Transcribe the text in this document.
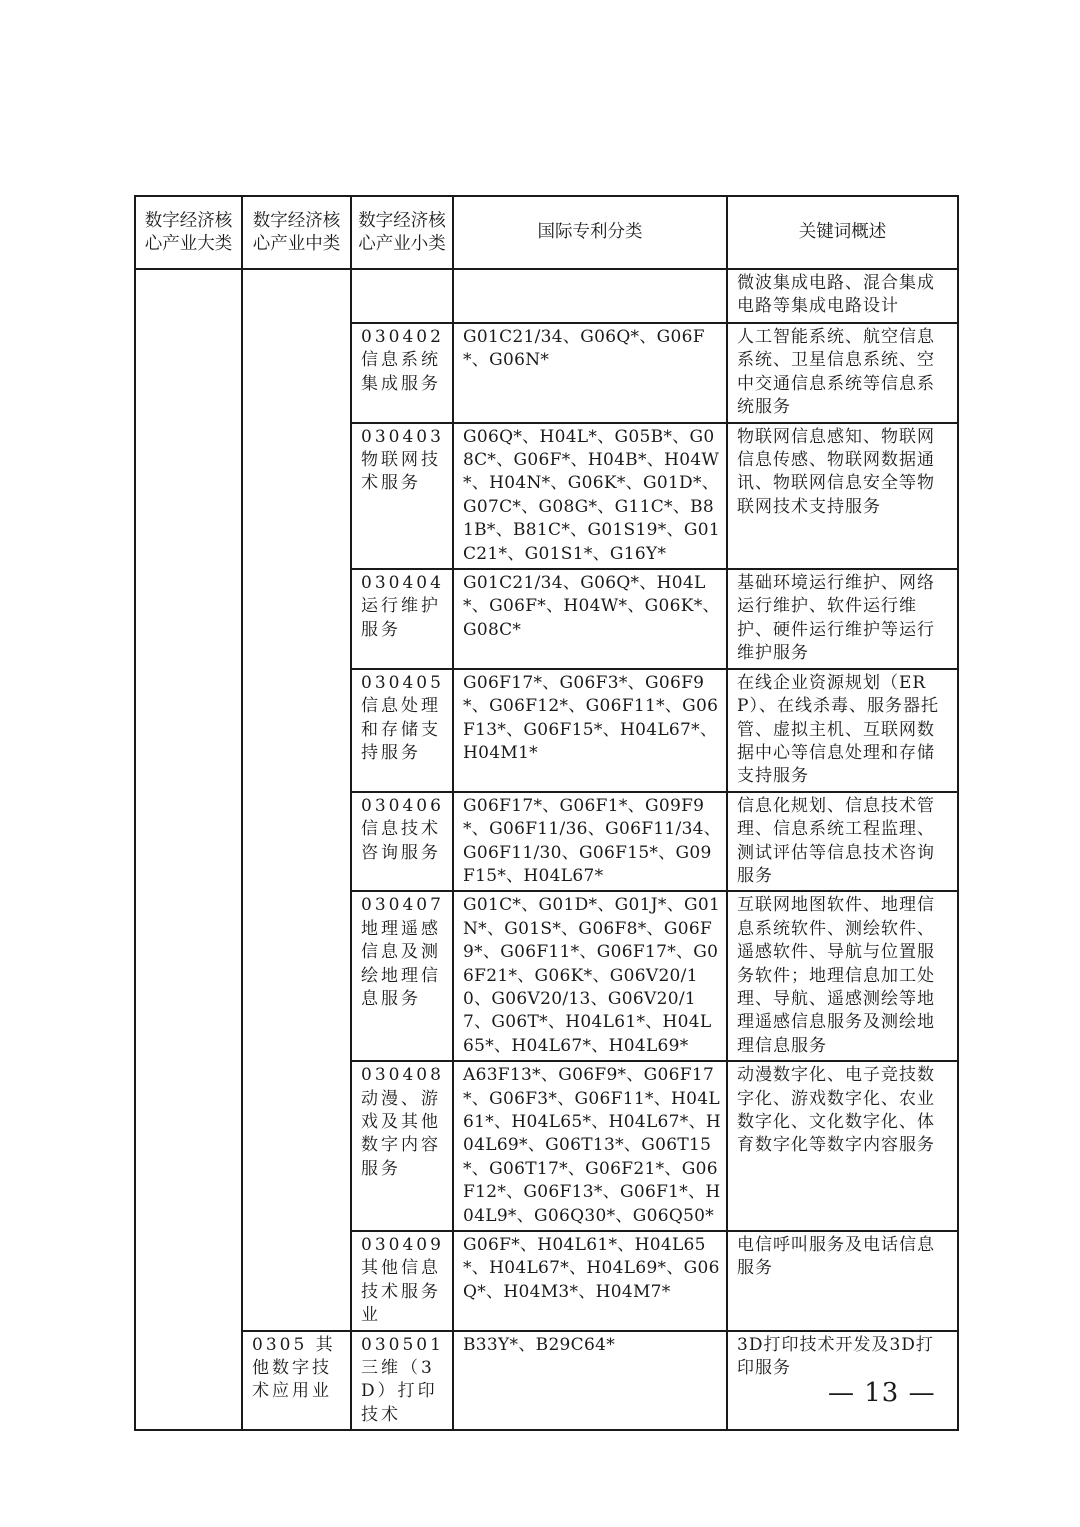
数字经济核心产业大类	数字经济核心产业中类	数字经济核心产业小类	国际专利分类	关键词概述
				微波集成电路、混合集成电路等集成电路设计
		030402 信息系统集成服务	G01C21/34、G06Q*、G06F*、G06N*	人工智能系统、航空信息系统、卫星信息系统、空中交通信息系统等信息系统服务
		030403 物联网技术服务	G06Q*、H04L*、G05B*、G08C*、G06F*、H04B*、H04W*、H04N*、G06K*、G01D*、G07C*、G08G*、G11C*、B81B*、B81C*、G01S19*、G01C21*、G01S1*、G16Y*	物联网信息感知、物联网信息传感、物联网数据通讯、物联网信息安全等物联网技术支持服务
		030404 运行维护服务	G01C21/34、G06Q*、H04L*、G06F*、H04W*、G06K*、G08C*	基础环境运行维护、网络运行维护、软件运行维护、硬件运行维护等运行维护服务
		030405 信息处理和存储支持服务	G06F17*、G06F3*、G06F9*、G06F12*、G06F11*、G06F13*、G06F15*、H04L67*、H04M1*	在线企业资源规划（ERP）、在线杀毒、服务器托管、虚拟主机、互联网数据中心等信息处理和存储支持服务
		030406 信息技术咨询服务	G06F17*、G06F1*、G09F9*、G06F11/36、G06F11/34、G06F11/30、G06F15*、G09F15*、H04L67*	信息化规划、信息技术管理、信息系统工程监理、测试评估等信息技术咨询服务
		030407 地理遥感信息及测绘地理信息服务	G01C*、G01D*、G01J*、G01N*、G01S*、G06F8*、G06F9*、G06F11*、G06F17*、G06F21*、G06K*、G06V20/10、G06V20/13、G06V20/17、G06T*、H04L61*、H04L65*、H04L67*、H04L69*	互联网地图软件、地理信息系统软件、测绘软件、遥感软件、导航与位置服务软件；地理信息加工处理、导航、遥感测绘等地理遥感信息服务及测绘地理信息服务
		030408 动漫、游戏及其他数字内容服务	A63F13*、G06F9*、G06F17*、G06F3*、G06F11*、H04L61*、H04L65*、H04L67*、H04L69*、G06T13*、G06T15*、G06T17*、G06F21*、G06F12*、G06F13*、G06F1*、H04L9*、G06Q30*、G06Q50*	动漫数字化、电子竞技数字化、游戏数字化、农业数字化、文化数字化、体育数字化等数字内容服务
		030409 其他信息技术服务业	G06F*、H04L61*、H04L65*、H04L67*、H04L69*、G06Q*、H04M3*、H04M7*	电信呼叫服务及电话信息服务
	0305 其他数字技术应用业	030501 三维（3D）打印技术	B33Y*、B29C64*	3D打印技术开发及3D打印服务
— 13 —
